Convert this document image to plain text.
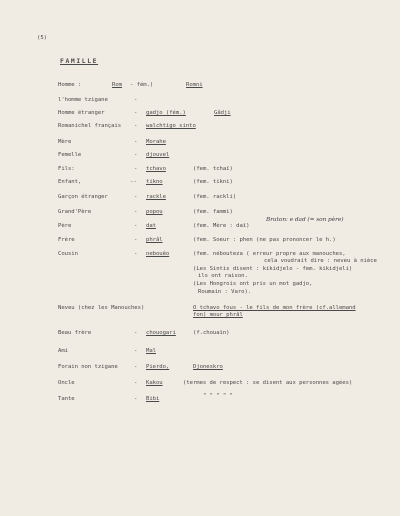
(5)
FAMILLE
Homme :	Rom - fém.)	Romni
l'homme tzigane	-
Homme étranger	- gadjo (fém.)	Gâdji
Romanichel français - walchtigo sinto
Mère	- Morahe
Femelle	- djouvel
Fils:	- tchavo	(fem. tchaï)
Enfant,	-- tikno	(fem. tikni)
Garçon étranger	- rackle	(fem. rackli)
Grand'Père	- popou	(fem. fammi)
Père	- dat	(fem. Mère : daï)
Bruton: e dad (= son père)
Frère	- phrâl	(fem. Soeur : phen (ne pas prononcer le h.)
Cousin	- nebouêo	(fem. nébouteza ( erreur propre aux manouches,
cela voudrait dire : neveu à nièce
(Les Sintis disent : kikidjelo - fem. kikidjeli)
ils ont raison.
(Les Hongrois ont pris un mot gadjo,
Roumain : Varo).
Neveu (chez les Manouches)	O tchavo fous - le fils de mon frère (cf.allemand
fon) mour phrâl
Beau frère	- chouogari	(f.chouaïn)
Ami	- Mal
Forain non tzigane	- Pierdo,	Djoneskro
Oncle	- Kakou	(termes de respect : se disent aux personnes agées)
Tante	- Bibi	" " " " "
